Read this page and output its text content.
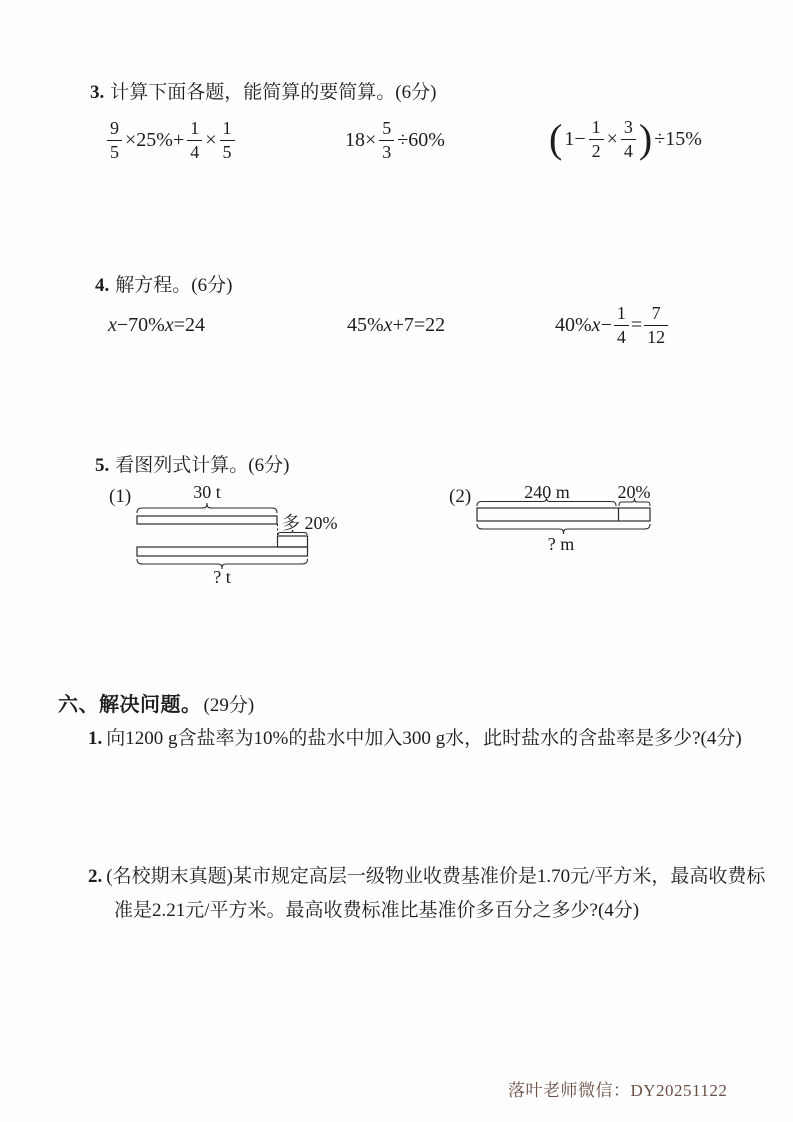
3. 计算下面各题，能简算的要简算。(6分)
$\frac{9}{5} \times 25\%+ \frac{1}{4} \times \frac{1}{5}$	$18\times \frac{5}{3} \div 60\%$	( $1- \frac{1}{2} \times \frac{3}{4}$ ) ÷15%
4. 解方程。(6分)
x −70% x =24	45% x +7=22	40% $x - \frac{1}{4} = \frac{7}{12}$
5. 看图列式计算。(6分)
(1)	30 t
多 20%
? t
(2)	240 m	20%
? m
六、解决问题。 (29分)
1. 向1200 g含盐率为10%的盐水中加入300 g水，此时盐水的含盐率是多少?(4分)
2. (名校期末真题)某市规定高层一级物业收费基准价是1.70元/平方米，最高收费标准是2.21元/平方米。最高收费标准比基准价多百分之多少?(4分)
落叶老师微信：DY20251122
